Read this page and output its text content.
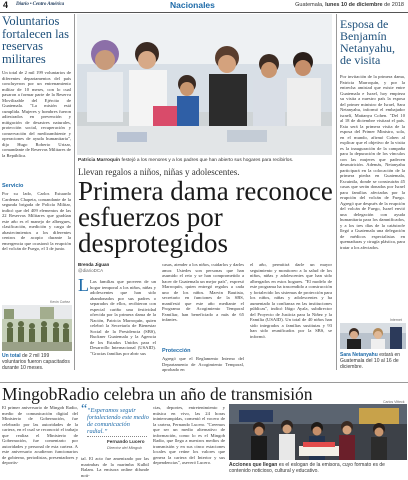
4 Diario • Centro América	Nacionales	Guatemala, lunes 10 de diciembre de 2018
Voluntarios fortalecen las reservas militares
Un total de 2 mil 199 voluntarios de diferentes departamentos del país concluyeron por un entrenamiento militar de 10 meses, con lo cual pasaron a formar parte de la Reserva Movilizable del Ejército de Guatemala. "La misión está cumplida. Mujeres y hombres fueron adiestrados en prevención y mitigación de desastres naturales, protección social, recuperación y conservación del medioambiente y operaciones de ayuda humanitaria", dijo Hugo Roberto Urizar, comandante de Reservas Militares de la República.
Servicio
Por su lado, Carlos Estuardo Cardenas Chapeta, comandante de la segunda brigada de Policía Militar, indicó que del 409 elementos de las 22 Reservas Militares que gradúan este año es el manejo de albergues, clasificación, medición y carga de abastecimientos a los diferentes centros de acopio durante la emergencia que ocasionó la erupción del volcán de Fuego, el 3 de junio.
Kevin Cortez
Un total de 2 mil 199 voluntarios fueron capacitados durante 10 meses.
Patricia Marroquín festejó a los menores y a los padres que han abierto sus hogares para recibirlos.
Llevan regalos a niños, niñas y adolescentes.
Primera dama reconoce esfuerzos por desprotegidos
Brenda Jiguan
@diarioDCA
L Las familias que proveen de un hogar temporal a los niños, niñas y adolescentes que han sido abandonados por sus padres o separados de ellos, recibieron con especial cariño una festividad ofrecida por la primera dama de la Nación, Patricia Marroquín, quien celebró la Secretaría de Bienestar Social de la Presidencia (SBS), Buckner Guatemala y la Agencia de los Estados Unidos para el Desarrollo Internacional (USAID). "Gracias familias por abrir sus
casas, atender a los niños, cuidarlos y darles amor. Ustedes son personas que han asumido el reto y se han comprometido a hacer de Guatemala un mejor país", expresó Marroquín, quien entregó regalos a cada uno de los niños. Marvin Bautista, secretario en funciones de la SBS, manifestó que este año mediante el Programa de Acogimiento Temporal Familiar, han beneficiado a más de 65 infantes.
Protección
Agregó que el Reglamento Interno del Departamento de Acogimiento Temporal, aprobado en
el año, permitirá darle un mayor seguimiento y monitoreo a la salud de los niños, niñas y adolescentes que han sido albergados en estos hogares. "El modelo de este programa ha trascendido a construcción y fortalecido los sistemas de protección para los niños, niñas y adolescentes y ha aumentado la confianza en las instituciones públicas", indicó Iñigo Ayala, subdirector del Proyecto de Justicia para la Niñez y la Familia (USAID). Un total de 40 niños han sido integrados a familias sustitutas y 93 han sido reunificados por la SBS, se informó.
Esposa de Benjamín Netanyahu, de visita
Por invitación de la primera dama, Patricia Marroquín, y por la entrecha amistad que existe entre Guatemala e Israel, hoy empieza su visita a nuestro país la esposa del primer ministro de Israel, Sara Netanyahu, informó el embajador israelí, Mattanya Cohen. "Del 10 al 18 de diciembre visitará el país. Esta será la primera visita de la esposa del Primer Ministro, sola, en el mundo, afirmó Cohen al explicar que el objetivo de la visita es la inauguración de la campaña para la depuración de los vínculos con las mujeres que padecen desnutrición. Además, Netanyahu participará en la colocación de la primera piedra en Guatemala, Escuintla, donde se construirán 45 casas que serán donadas por Israel para familias afectadas por la erupción del volcán de Fuego. Agregó que después de la erupción del volcán de Fuego, Israel envió una delegación con ayuda humanitaria para los damnificados, y a los tres días de la catástrofe llegó a Guatemala una delegación de médicos especialistas en quemaduras y cirugía plástica, para tratar a los afectados.
Internet
Sara Netanyahu estará en Guatemala del 10 al 16 de diciembre.
MingobRadio celebra un año de transmisión
El primer aniversario de Mingob Radio, medio de comunicación digital del Ministerio de Gobernación, fue celebrado por las autoridades de la cartera, en el cual se reconoció el trabajo que realiza el Ministerio de Gobernación, fue comentario por autoridades y personal de esta cartera. A este aniversario acudieron funcionarios de gobierno, periodistas, presentadores y deportis-
“ “Esperamos seguir fortaleciendo este medio de comunicación radial.”
Fernando Lucero
Director del Mingob
tal. El acto fue amenizado por las marimbas de la marimba Kulbil Balam. La emisora online difunde noti-
cias, deportes, entretenimiento y música en vivo, las 24 horas ininterrumpidas, comentó el vocero de la cartera, Fernando Lucero. "Creemos que ser un medio alternativo de información, como lo es el Mingob Radio, que llega a nuestros medios de transmisión y en sus cinco estaciones locales que reúne los valores que genera la cartera del Interior y sus dependencias", aseveró Lucero.
Carlos Vitteck
Acciones que llegan es el eslogan de la emisora, cuyo formato es de contenido noticioso, cultural y educativo.
